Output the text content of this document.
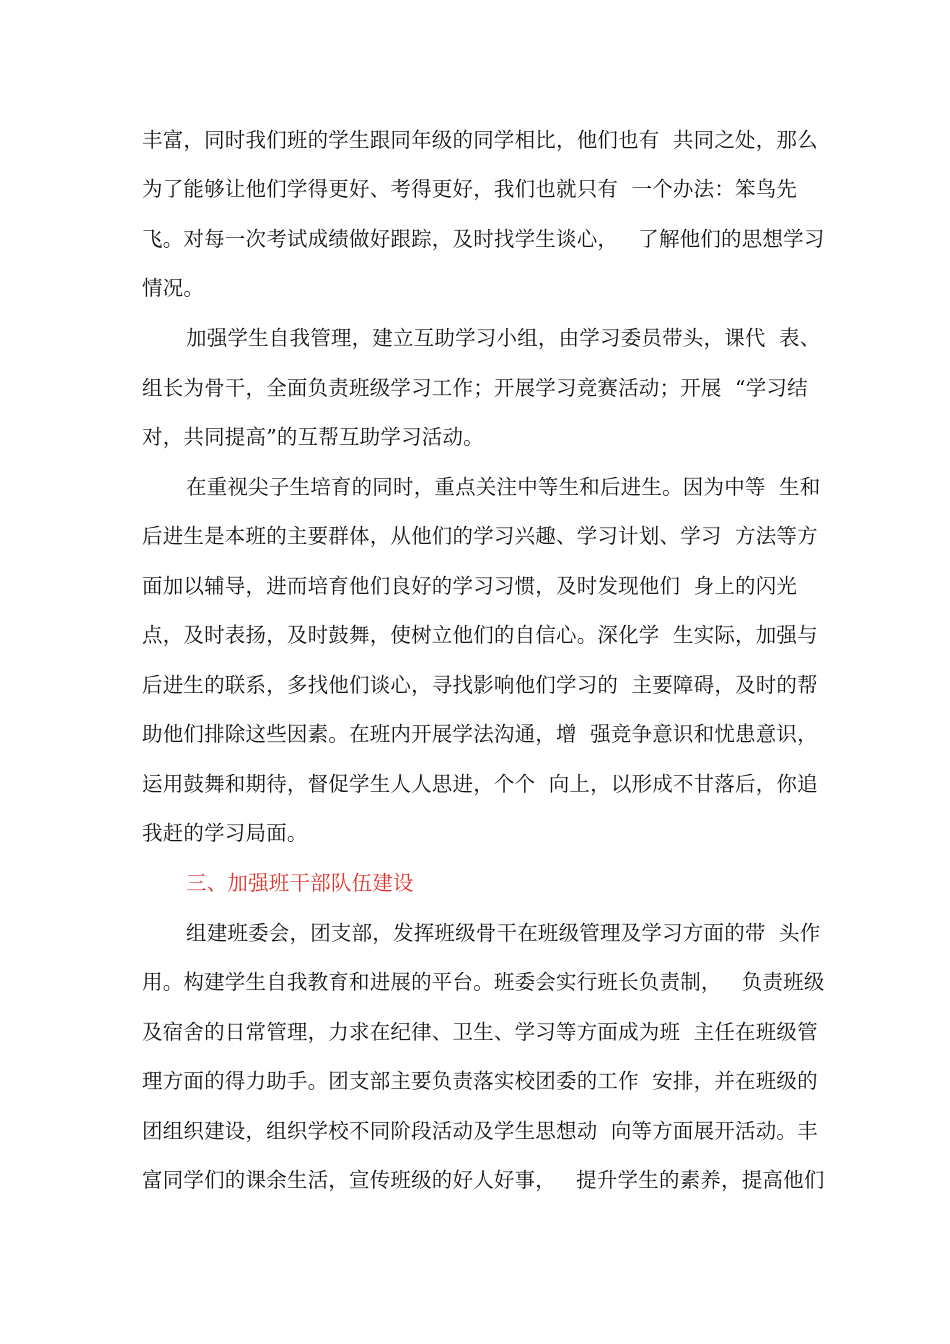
丰富，同时我们班的学生跟同年级的同学相比，他们也有  共同之处，那么
为了能够让他们学得更好、考得更好，我们也就只有  一个办法：笨鸟先
飞。对每一次考试成绩做好跟踪，及时找学生谈心，   了解他们的思想学习
情况。
加强学生自我管理，建立互助学习小组，由学习委员带头，课代  表、
组长为骨干，全面负责班级学习工作；开展学习竞赛活动；开展  “学习结
对，共同提高”的互帮互助学习活动。
在重视尖子生培育的同时，重点关注中等生和后进生。因为中等  生和
后进生是本班的主要群体，从他们的学习兴趣、学习计划、学习  方法等方
面加以辅导，进而培育他们良好的学习习惯，及时发现他们  身上的闪光
点，及时表扬，及时鼓舞，使树立他们的自信心。深化学  生实际，加强与
后进生的联系，多找他们谈心，寻找影响他们学习的  主要障碍，及时的帮
助他们排除这些因素。在班内开展学法沟通，增  强竞争意识和忧患意识，
运用鼓舞和期待，督促学生人人思进，个个  向上，以形成不甘落后，你追
我赶的学习局面。
三、加强班干部队伍建设
组建班委会，团支部，发挥班级骨干在班级管理及学习方面的带  头作
用。构建学生自我教育和进展的平台。班委会实行班长负责制，   负责班级
及宿舍的日常管理，力求在纪律、卫生、学习等方面成为班  主任在班级管
理方面的得力助手。团支部主要负责落实校团委的工作  安排，并在班级的
团组织建设，组织学校不同阶段活动及学生思想动  向等方面展开活动。丰
富同学们的课余生活，宣传班级的好人好事，   提升学生的素养，提高他们
